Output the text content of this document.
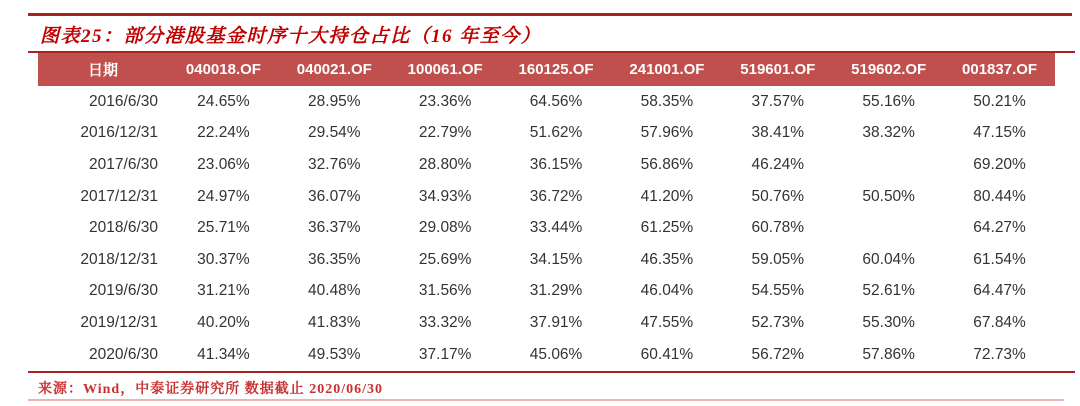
图表25：部分港股基金时序十大持仓占比（16 年至今）
日期	040018.OF	040021.OF	100061.OF	160125.OF	241001.OF	519601.OF	519602.OF	001837.OF
2016/6/30	24.65%	28.95%	23.36%	64.56%	58.35%	37.57%	55.16%	50.21%
2016/12/31	22.24%	29.54%	22.79%	51.62%	57.96%	38.41%	38.32%	47.15%
2017/6/30	23.06%	32.76%	28.80%	36.15%	56.86%	46.24%		69.20%
2017/12/31	24.97%	36.07%	34.93%	36.72%	41.20%	50.76%	50.50%	80.44%
2018/6/30	25.71%	36.37%	29.08%	33.44%	61.25%	60.78%		64.27%
2018/12/31	30.37%	36.35%	25.69%	34.15%	46.35%	59.05%	60.04%	61.54%
2019/6/30	31.21%	40.48%	31.56%	31.29%	46.04%	54.55%	52.61%	64.47%
2019/12/31	40.20%	41.83%	33.32%	37.91%	47.55%	52.73%	55.30%	67.84%
2020/6/30	41.34%	49.53%	37.17%	45.06%	60.41%	56.72%	57.86%	72.73%
来源：Wind，中泰证券研究所 数据截止 2020/06/30
